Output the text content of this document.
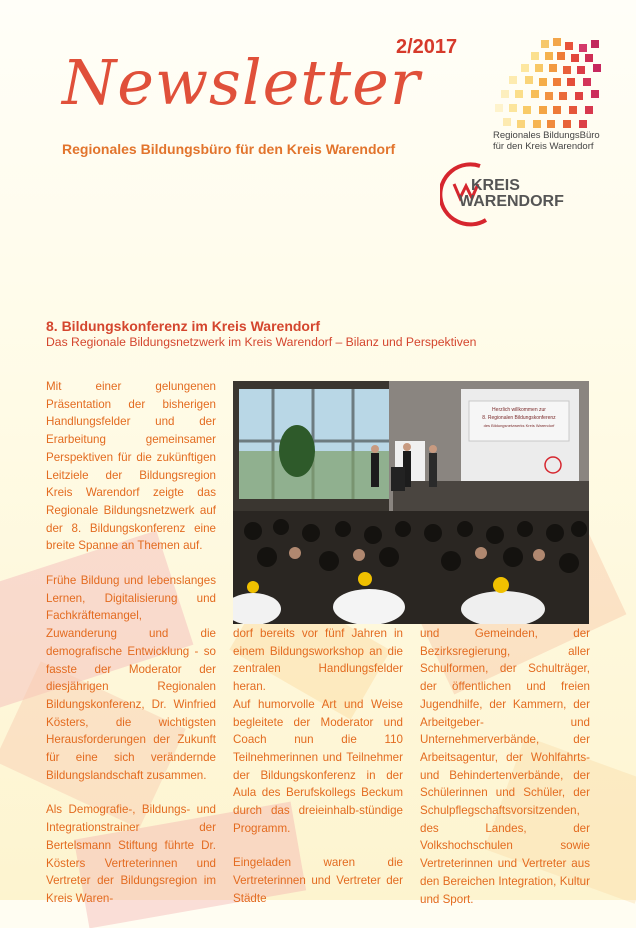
2/2017
Newsletter
Regionales Bildungsbüro für den Kreis Warendorf
Regionales BildungsBüro für den Kreis Warendorf
KREIS
WARENDORF
8. Bildungskonferenz im Kreis Warendorf
Das Regionale Bildungsnetzwerk im Kreis Warendorf – Bilanz und Perspektiven

Mit einer gelungenen Präsentation der bisherigen Handlungsfelder und der Erarbeitung gemeinsamer Perspektiven für die zukünftigen Leitziele der Bildungsregion Kreis Warendorf zeigte das Regionale Bildungsnetzwerk auf der 8. Bildungskonferenz eine breite Spanne an Themen auf.

Frühe Bildung und lebenslanges Lernen, Digitalisierung und Fachkräftemangel, Zuwanderung und die demografische Entwicklung - so fasste der Moderator der diesjährigen Regionalen Bildungskonferenz, Dr. Winfried Kösters, die wichtigsten Herausforderungen der Zukunft für eine sich verändernde Bildungslandschaft zusammen.

Als Demografie-, Bildungs- und Integrationstrainer der Bertelsmann Stiftung führte Dr. Kösters Vertreterinnen und Vertreter der Bildungsregion im Kreis Waren-

Herzlich willkommen zur
8. Regionalen Bildungskonferenz
des Bildungsnetzwerks Kreis Warendorf

dorf bereits vor fünf Jahren in einem Bildungsworkshop an die zentralen Handlungsfelder heran.
Auf humorvolle Art und Weise begleitete der Moderator und Coach nun die 110 Teilnehmerinnen und Teilnehmer der Bildungskonferenz in der Aula des Berufskollegs Beckum durch das dreieinhalb-stündige Programm.

Eingeladen waren die Vertreterinnen und Vertreter der Städte

und Gemeinden, der Bezirksregierung, aller Schulformen, der Schulträger, der öffentlichen und freien Jugendhilfe, der Kammern, der Arbeitgeber- und Unternehmerverbände, der Arbeitsagentur, der Wohlfahrts- und Behindertenverbände, der Schülerinnen und Schüler, der Schulpflegschaftsvorsitzenden, des Landes, der Volkshochschulen sowie Vertreterinnen und Vertreter aus den Bereichen Integration, Kultur und Sport.
